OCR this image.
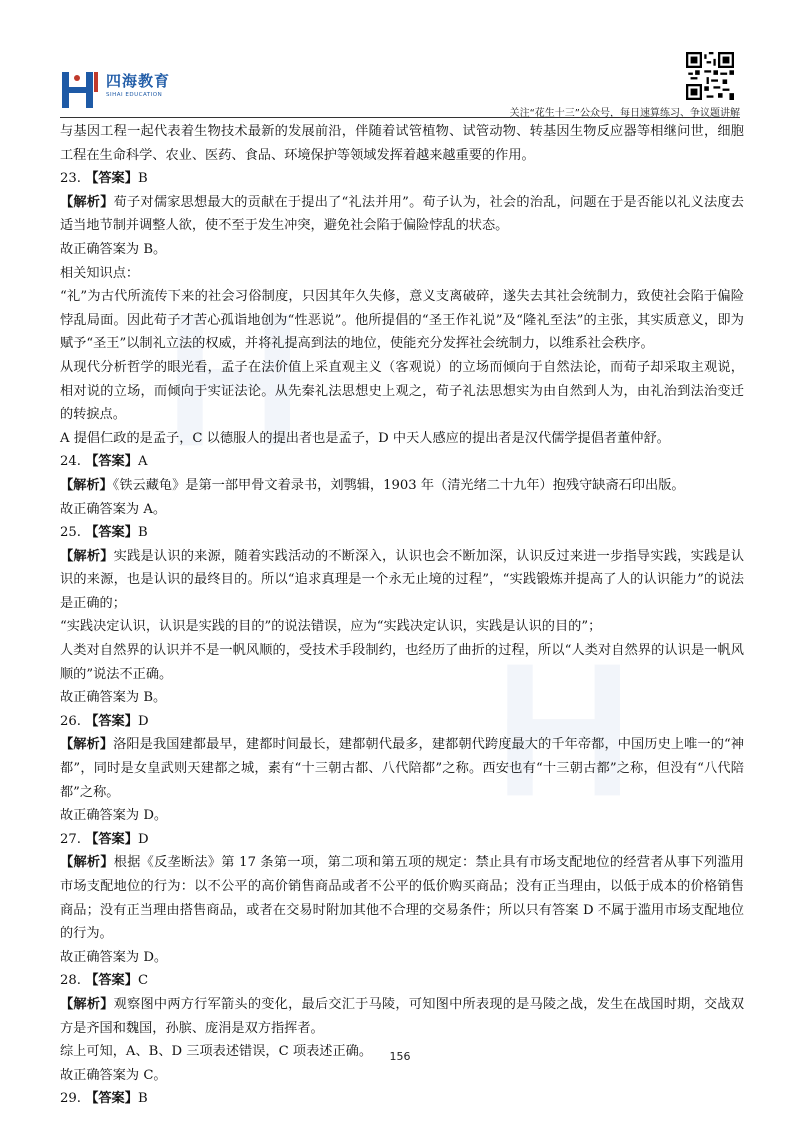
四海教育
SIHAI EDUCATION
关注“花生十三”公众号，每日速算练习、争议题讲解

与基因工程一起代表着生物技术最新的发展前沿，伴随着试管植物、试管动物、转基因生物反应器等相继问世，细胞工程在生命科学、农业、医药、食品、环境保护等领域发挥着越来越重要的作用。

23. 【答案】B

【解析】荀子对儒家思想最大的贡献在于提出了“礼法并用”。荀子认为，社会的治乱，问题在于是否能以礼义法度去适当地节制并调整人欲，使不至于发生冲突，避免社会陷于偏险悖乱的状态。

故正确答案为 B。

相关知识点：

“礼”为古代所流传下来的社会习俗制度，只因其年久失修，意义支离破碎，遂失去其社会统制力，致使社会陷于偏险悖乱局面。因此荀子才苦心孤诣地创为“性恶说”。他所提倡的“圣王作礼说”及“隆礼至法”的主张，其实质意义，即为赋予“圣王”以制礼立法的权威，并将礼提高到法的地位，使能充分发挥社会统制力，以维系社会秩序。

从现代分析哲学的眼光看，孟子在法价值上采直观主义（客观说）的立场而倾向于自然法论，而荀子却采取主观说，相对说的立场，而倾向于实证法论。从先秦礼法思想史上观之，荀子礼法思想实为由自然到人为，由礼治到法治变迁的转捩点。

A 提倡仁政的是孟子，C 以德服人的提出者也是孟子，D 中天人感应的提出者是汉代儒学提倡者董仲舒。

24. 【答案】A

【解析】《铁云藏龟》是第一部甲骨文着录书，刘鹗辑，1903 年（清光绪二十九年）抱残守缺斋石印出版。

故正确答案为 A。

25. 【答案】B

【解析】实践是认识的来源，随着实践活动的不断深入，认识也会不断加深，认识反过来进一步指导实践，实践是认识的来源，也是认识的最终目的。所以“追求真理是一个永无止境的过程”，“实践锻炼并提高了人的认识能力”的说法是正确的；

“实践决定认识，认识是实践的目的”的说法错误，应为“实践决定认识，实践是认识的目的”；

人类对自然界的认识并不是一帆风顺的，受技术手段制约，也经历了曲折的过程，所以“人类对自然界的认识是一帆风顺的”说法不正确。

故正确答案为 B。

26. 【答案】D

【解析】洛阳是我国建都最早，建都时间最长，建都朝代最多，建都朝代跨度最大的千年帝都，中国历史上唯一的“神都”，同时是女皇武则天建都之城，素有“十三朝古都、八代陪都”之称。西安也有“十三朝古都”之称，但没有“八代陪都”之称。

故正确答案为 D。

27. 【答案】D

【解析】根据《反垄断法》第 17 条第一项，第二项和第五项的规定：禁止具有市场支配地位的经营者从事下列滥用市场支配地位的行为：以不公平的高价销售商品或者不公平的低价购买商品；没有正当理由，以低于成本的价格销售商品；没有正当理由搭售商品，或者在交易时附加其他不合理的交易条件；所以只有答案 D 不属于滥用市场支配地位的行为。

故正确答案为 D。

28. 【答案】C

【解析】观察图中两方行军箭头的变化，最后交汇于马陵，可知图中所表现的是马陵之战，发生在战国时期，交战双方是齐国和魏国，孙膑、庞涓是双方指挥者。

综上可知，A、B、D 三项表述错误，C 项表述正确。

故正确答案为 C。

29. 【答案】B

156
